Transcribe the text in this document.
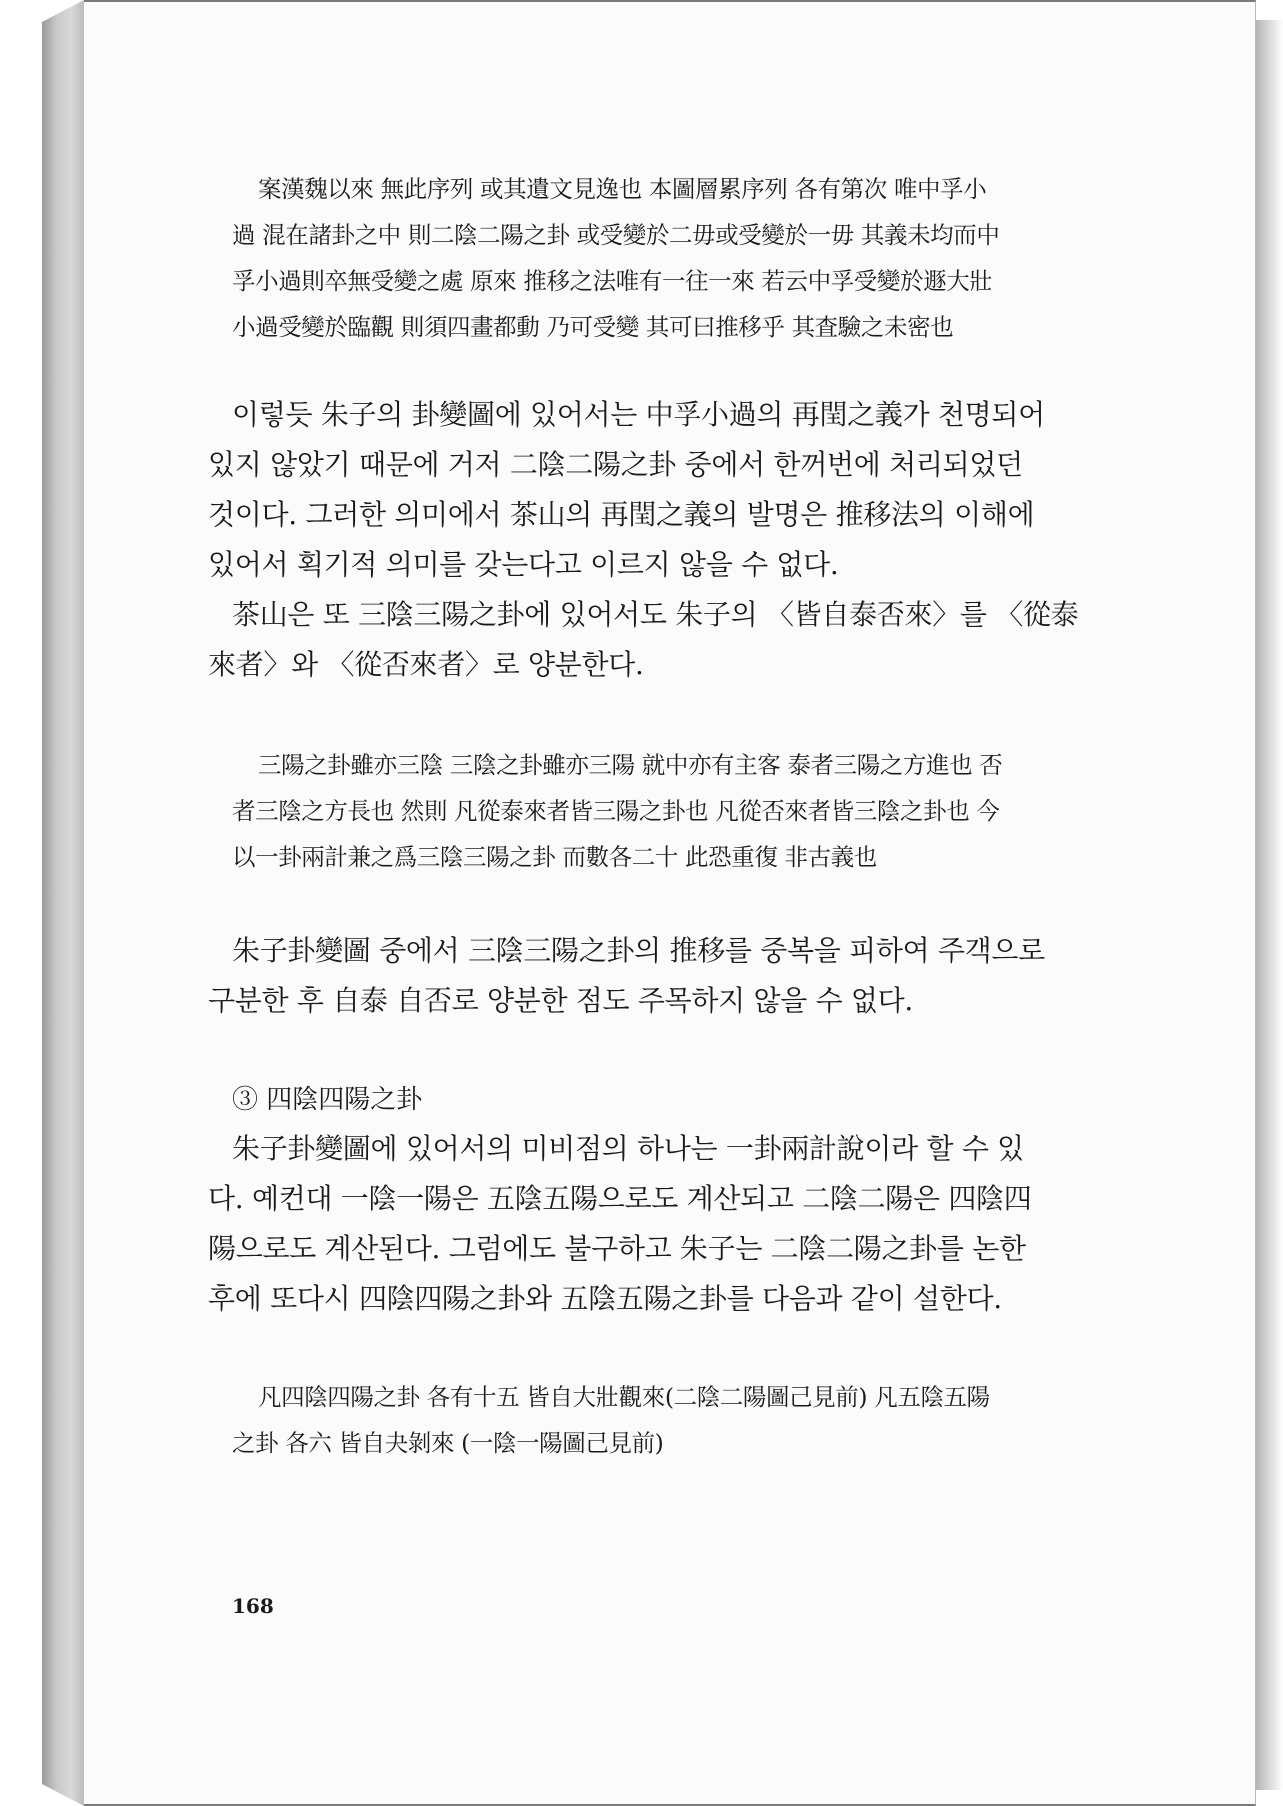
案漢魏以來 無此序列 或其遺文見逸也 本圖層累序列 各有第次 唯中孚小
過 混在諸卦之中 則二陰二陽之卦 或受變於二毋或受變於一毋 其義未均而中
孚小過則卒無受變之處 原來 推移之法唯有一往一來 若云中孚受變於遯大壯
小過受變於臨觀 則須四畫都動 乃可受變 其可曰推移乎 其査驗之未密也
이렇듯 朱子의 卦變圖에 있어서는 中孚小過의 再閏之義가 천명되어
있지 않았기 때문에 거저 二陰二陽之卦 중에서 한꺼번에 처리되었던
것이다. 그러한 의미에서 茶山의 再閏之義의 발명은 推移法의 이해에
있어서 획기적 의미를 갖는다고 이르지 않을 수 없다.
茶山은 또 三陰三陽之卦에 있어서도 朱子의 〈皆自泰否來〉를 〈從泰
來者〉와 〈從否來者〉로 양분한다.
三陽之卦雖亦三陰 三陰之卦雖亦三陽 就中亦有主客 泰者三陽之方進也 否
者三陰之方長也 然則 凡從泰來者皆三陽之卦也 凡從否來者皆三陰之卦也 今
以一卦兩計兼之爲三陰三陽之卦 而數各二十 此恐重復 非古義也
朱子卦變圖 중에서 三陰三陽之卦의 推移를 중복을 피하여 주객으로
구분한 후 自泰 自否로 양분한 점도 주목하지 않을 수 없다.
③ 四陰四陽之卦
朱子卦變圖에 있어서의 미비점의 하나는 一卦兩計說이라 할 수 있
다. 예컨대 一陰一陽은 五陰五陽으로도 계산되고 二陰二陽은 四陰四
陽으로도 계산된다. 그럼에도 불구하고 朱子는 二陰二陽之卦를 논한
후에 또다시 四陰四陽之卦와 五陰五陽之卦를 다음과 같이 설한다.
凡四陰四陽之卦 各有十五 皆自大壯觀來(二陰二陽圖己見前) 凡五陰五陽
之卦 各六 皆自夬剝來 (一陰一陽圖己見前)
168
